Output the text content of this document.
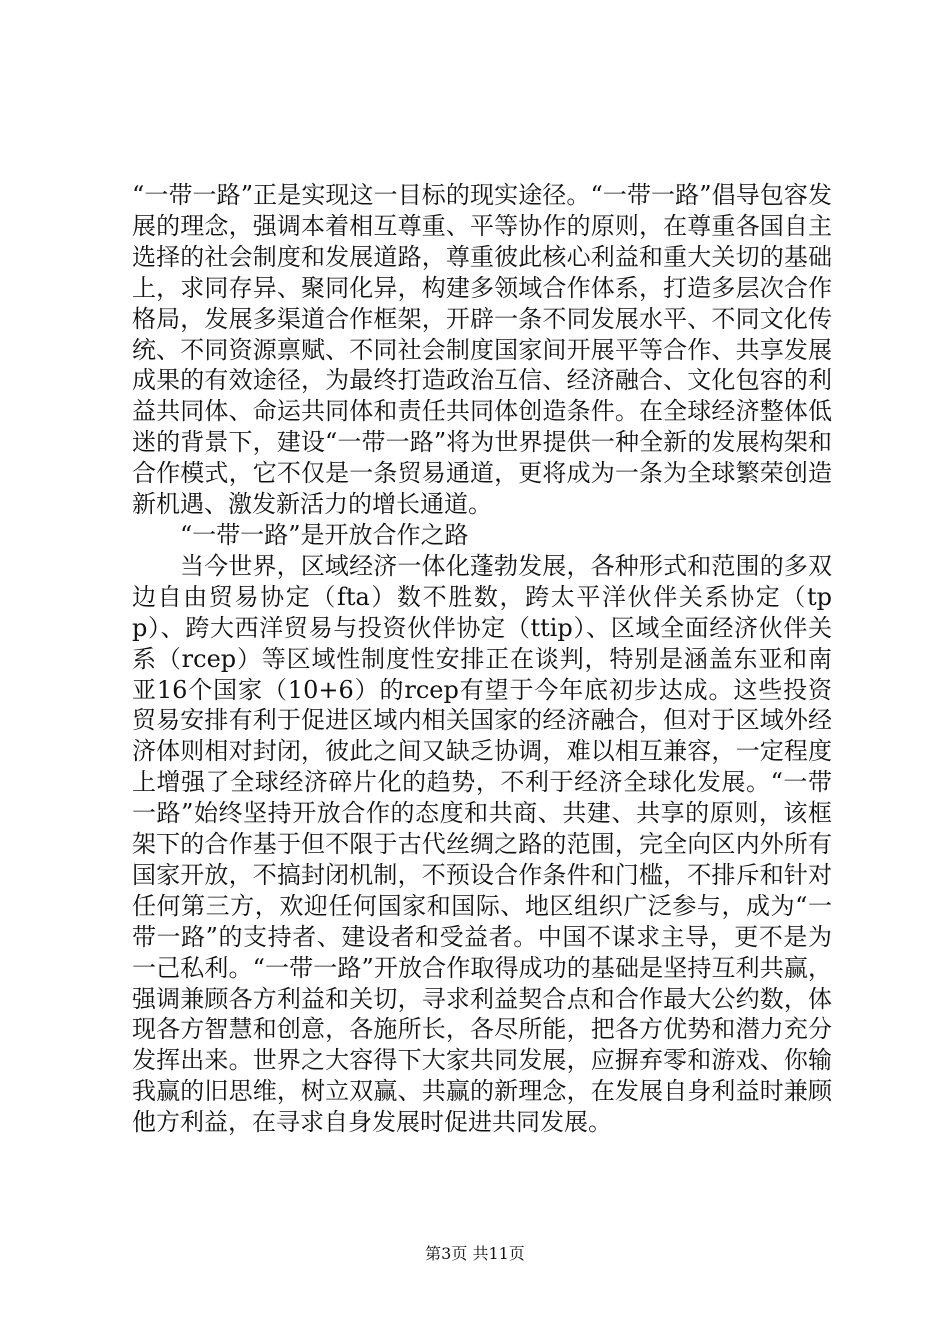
“一带一路”正是实现这一目标的现实途径。“一带一路”倡导包容发展的理念，强调本着相互尊重、平等协作的原则，在尊重各国自主选择的社会制度和发展道路，尊重彼此核心利益和重大关切的基础上，求同存异、聚同化异，构建多领域合作体系，打造多层次合作格局，发展多渠道合作框架，开辟一条不同发展水平、不同文化传统、不同资源禀赋、不同社会制度国家间开展平等合作、共享发展成果的有效途径，为最终打造政治互信、经济融合、文化包容的利益共同体、命运共同体和责任共同体创造条件。在全球经济整体低迷的背景下，建设“一带一路”将为世界提供一种全新的发展构架和合作模式，它不仅是一条贸易通道，更将成为一条为全球繁荣创造新机遇、激发新活力的增长通道。

“一带一路”是开放合作之路

当今世界，区域经济一体化蓬勃发展，各种形式和范围的多双边自由贸易协定（fta）数不胜数，跨太平洋伙伴关系协定（tpp）、跨大西洋贸易与投资伙伴协定（ttip）、区域全面经济伙伴关系（rcep）等区域性制度性安排正在谈判，特别是涵盖东亚和南亚16个国家（10+6）的rcep有望于今年底初步达成。这些投资贸易安排有利于促进区域内相关国家的经济融合，但对于区域外经济体则相对封闭，彼此之间又缺乏协调，难以相互兼容，一定程度上增强了全球经济碎片化的趋势，不利于经济全球化发展。“一带一路”始终坚持开放合作的态度和共商、共建、共享的原则，该框架下的合作基于但不限于古代丝绸之路的范围，完全向区内外所有国家开放，不搞封闭机制，不预设合作条件和门槛，不排斥和针对任何第三方，欢迎任何国家和国际、地区组织广泛参与，成为“一带一路”的支持者、建设者和受益者。中国不谋求主导，更不是为一己私利。“一带一路”开放合作取得成功的基础是坚持互利共赢，强调兼顾各方利益和关切，寻求利益契合点和合作最大公约数，体现各方智慧和创意，各施所长，各尽所能，把各方优势和潜力充分发挥出来。世界之大容得下大家共同发展，应摒弃零和游戏、你输我赢的旧思维，树立双赢、共赢的新理念，在发展自身利益时兼顾他方利益，在寻求自身发展时促进共同发展。

第3页 共11页
